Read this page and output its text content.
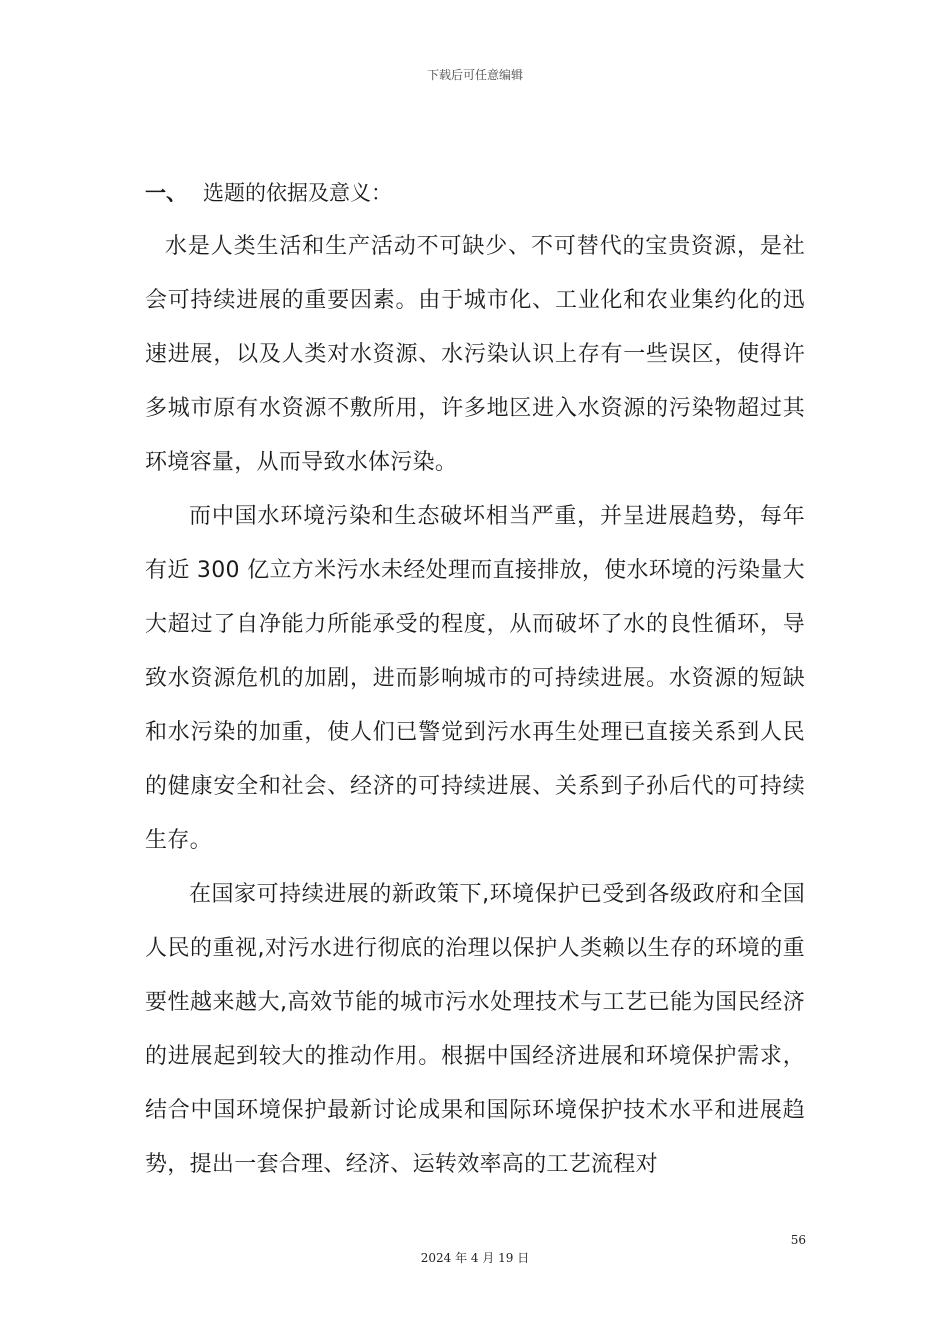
下载后可任意编辑
一、 选题的依据及意义：

水是人类生活和生产活动不可缺少、不可替代的宝贵资源，是社会可持续进展的重要因素。由于城市化、工业化和农业集约化的迅速进展，以及人类对水资源、水污染认识上存有一些误区，使得许多城市原有水资源不敷所用，许多地区进入水资源的污染物超过其环境容量，从而导致水体污染。

而中国水环境污染和生态破坏相当严重，并呈进展趋势，每年有近 300 亿立方米污水未经处理而直接排放，使水环境的污染量大大超过了自净能力所能承受的程度，从而破坏了水的良性循环，导致水资源危机的加剧，进而影响城市的可持续进展。水资源的短缺和水污染的加重，使人们已警觉到污水再生处理已直接关系到人民的健康安全和社会、经济的可持续进展、关系到子孙后代的可持续生存。

在国家可持续进展的新政策下,环境保护已受到各级政府和全国人民的重视,对污水进行彻底的治理以保护人类赖以生存的环境的重要性越来越大,高效节能的城市污水处理技术与工艺已能为国民经济的进展起到较大的推动作用。根据中国经济进展和环境保护需求，结合中国环境保护最新讨论成果和国际环境保护技术水平和进展趋势，提出一套合理、经济、运转效率高的工艺流程对

56
2024 年 4 月 19 日
